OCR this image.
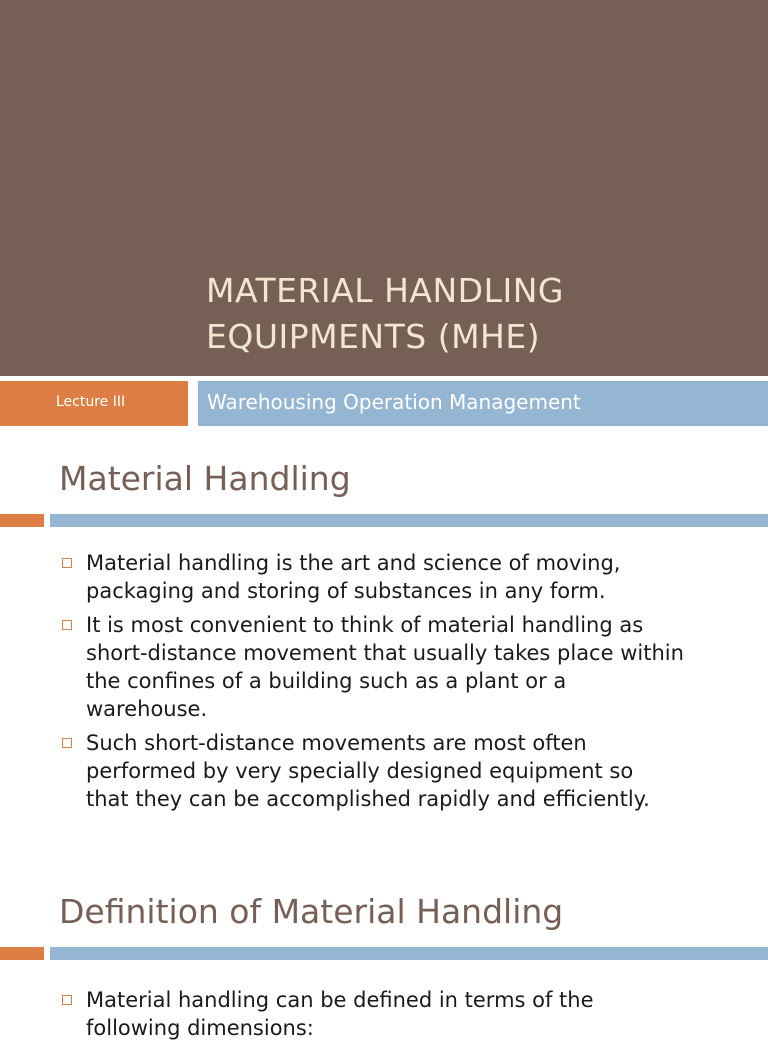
MATERIAL HANDLING
EQUIPMENTS (MHE)
Lecture III	Warehousing Operation Management
Material Handling
Material handling is the art and science of moving,
packaging and storing of substances in any form.
It is most convenient to think of material handling as
short-distance movement that usually takes place within
the confines of a building such as a plant or a
warehouse.
Such short-distance movements are most often
performed by very specially designed equipment so
that they can be accomplished rapidly and efficiently.
Definition of Material Handling
Material handling can be defined in terms of the
following dimensions:
